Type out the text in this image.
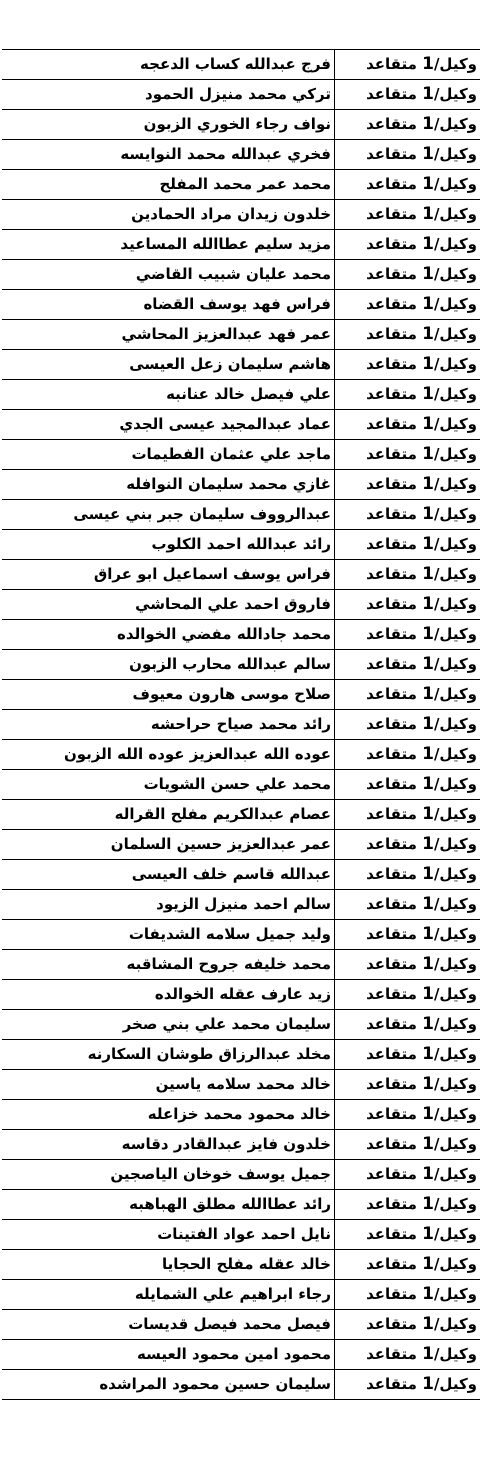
وكيل/1 متقاعد	فرج عبدالله كساب الدعجه
وكيل/1 متقاعد	تركي محمد منيزل الحمود
وكيل/1 متقاعد	نواف رجاء الخوري الزبون
وكيل/1 متقاعد	فخري عبدالله محمد النوايسه
وكيل/1 متقاعد	محمد عمر محمد المفلح
وكيل/1 متقاعد	خلدون زيدان مراد الحمادين
وكيل/1 متقاعد	مزيد سليم عطاالله المساعيد
وكيل/1 متقاعد	محمد عليان شبيب القاضي
وكيل/1 متقاعد	فراس فهد يوسف القضاه
وكيل/1 متقاعد	عمر فهد عبدالعزيز المحاشي
وكيل/1 متقاعد	هاشم سليمان زعل العيسى
وكيل/1 متقاعد	علي فيصل خالد عنانبه
وكيل/1 متقاعد	عماد عبدالمجيد عيسى الجدي
وكيل/1 متقاعد	ماجد علي عثمان الفطيمات
وكيل/1 متقاعد	غازي محمد سليمان النوافله
وكيل/1 متقاعد	عبدالرووف سليمان جبر بني عيسى
وكيل/1 متقاعد	رائد عبدالله احمد الكلوب
وكيل/1 متقاعد	فراس يوسف اسماعيل ابو عراق
وكيل/1 متقاعد	فاروق احمد علي المحاشي
وكيل/1 متقاعد	محمد جادالله مفضي الخوالده
وكيل/1 متقاعد	سالم عبدالله محارب الزبون
وكيل/1 متقاعد	صلاح موسى هارون معيوف
وكيل/1 متقاعد	رائد محمد صياح حراحشه
وكيل/1 متقاعد	عوده الله عبدالعزيز عوده الله الزبون
وكيل/1 متقاعد	محمد علي حسن الشويات
وكيل/1 متقاعد	عصام عبدالكريم مفلح القراله
وكيل/1 متقاعد	عمر عبدالعزيز حسين السلمان
وكيل/1 متقاعد	عبدالله قاسم خلف العيسى
وكيل/1 متقاعد	سالم احمد منيزل الزيود
وكيل/1 متقاعد	وليد جميل سلامه الشديفات
وكيل/1 متقاعد	محمد خليفه جروح المشاقبه
وكيل/1 متقاعد	زيد عارف عقله الخوالده
وكيل/1 متقاعد	سليمان محمد علي بني صخر
وكيل/1 متقاعد	مخلد عبدالرزاق طوشان السكارنه
وكيل/1 متقاعد	خالد محمد سلامه ياسين
وكيل/1 متقاعد	خالد محمود محمد خزاعله
وكيل/1 متقاعد	خلدون فايز عبدالقادر دقاسه
وكيل/1 متقاعد	جميل يوسف خوخان الياصجين
وكيل/1 متقاعد	رائد عطاالله مطلق الهباهبه
وكيل/1 متقاعد	نايل احمد عواد الفتينات
وكيل/1 متقاعد	خالد عقله مفلح الحجايا
وكيل/1 متقاعد	رجاء ابراهيم علي الشمايله
وكيل/1 متقاعد	فيصل محمد فيصل قديسات
وكيل/1 متقاعد	محمود امين محمود العيسه
وكيل/1 متقاعد	سليمان حسين محمود المراشده
